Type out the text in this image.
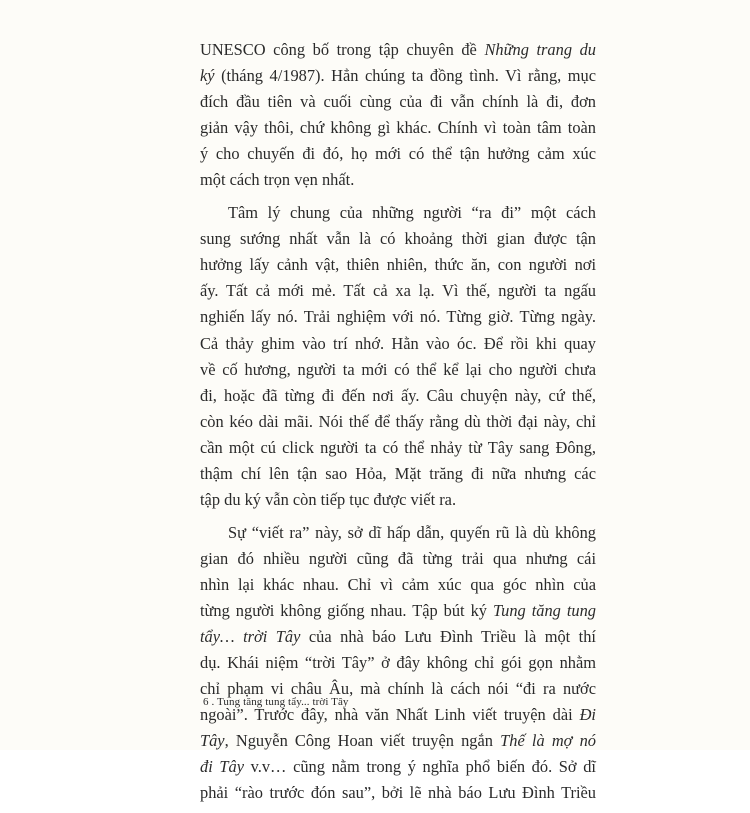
UNESCO công bố trong tập chuyên đề Những trang du
ký (tháng 4/1987). Hẳn chúng ta đồng tình. Vì rằng, mục
đích đầu tiên và cuối cùng của đi vẫn chính là đi, đơn
giản vậy thôi, chứ không gì khác. Chính vì toàn tâm toàn
ý cho chuyến đi đó, họ mới có thể tận hưởng cảm xúc
một cách trọn vẹn nhất.
Tâm lý chung của những người “ra đi” một cách
sung sướng nhất vẫn là có khoảng thời gian được tận
hưởng lấy cảnh vật, thiên nhiên, thức ăn, con người nơi
ấy. Tất cả mới mẻ. Tất cả xa lạ. Vì thế, người ta ngấu
nghiến lấy nó. Trải nghiệm với nó. Từng giờ. Từng ngày.
Cả thảy ghim vào trí nhớ. Hằn vào óc. Để rồi khi quay
về cố hương, người ta mới có thể kể lại cho người chưa
đi, hoặc đã từng đi đến nơi ấy. Câu chuyện này, cứ thế,
còn kéo dài mãi. Nói thế để thấy rằng dù thời đại này, chỉ
cần một cú click người ta có thể nhảy từ Tây sang Đông,
thậm chí lên tận sao Hỏa, Mặt trăng đi nữa nhưng các
tập du ký vẫn còn tiếp tục được viết ra.
Sự “viết ra” này, sở dĩ hấp dẫn, quyến rũ là dù không
gian đó nhiều người cũng đã từng trải qua nhưng cái
nhìn lại khác nhau. Chỉ vì cảm xúc qua góc nhìn của
từng người không giống nhau. Tập bút ký Tung tăng tung
tẩy… trời Tây của nhà báo Lưu Đình Triều là một thí
dụ. Khái niệm “trời Tây” ở đây không chỉ gói gọn nhằm
chỉ phạm vi châu Âu, mà chính là cách nói “đi ra nước
ngoài”. Trước đây, nhà văn Nhất Linh viết truyện dài Đi
Tây, Nguyễn Công Hoan viết truyện ngắn Thế là mợ nó
đi Tây v.v… cũng nằm trong ý nghĩa phổ biến đó. Sở dĩ
phải “rào trước đón sau”, bởi lẽ nhà báo Lưu Đình Triều
6 . Tung tăng tung tẩy... trời Tây
